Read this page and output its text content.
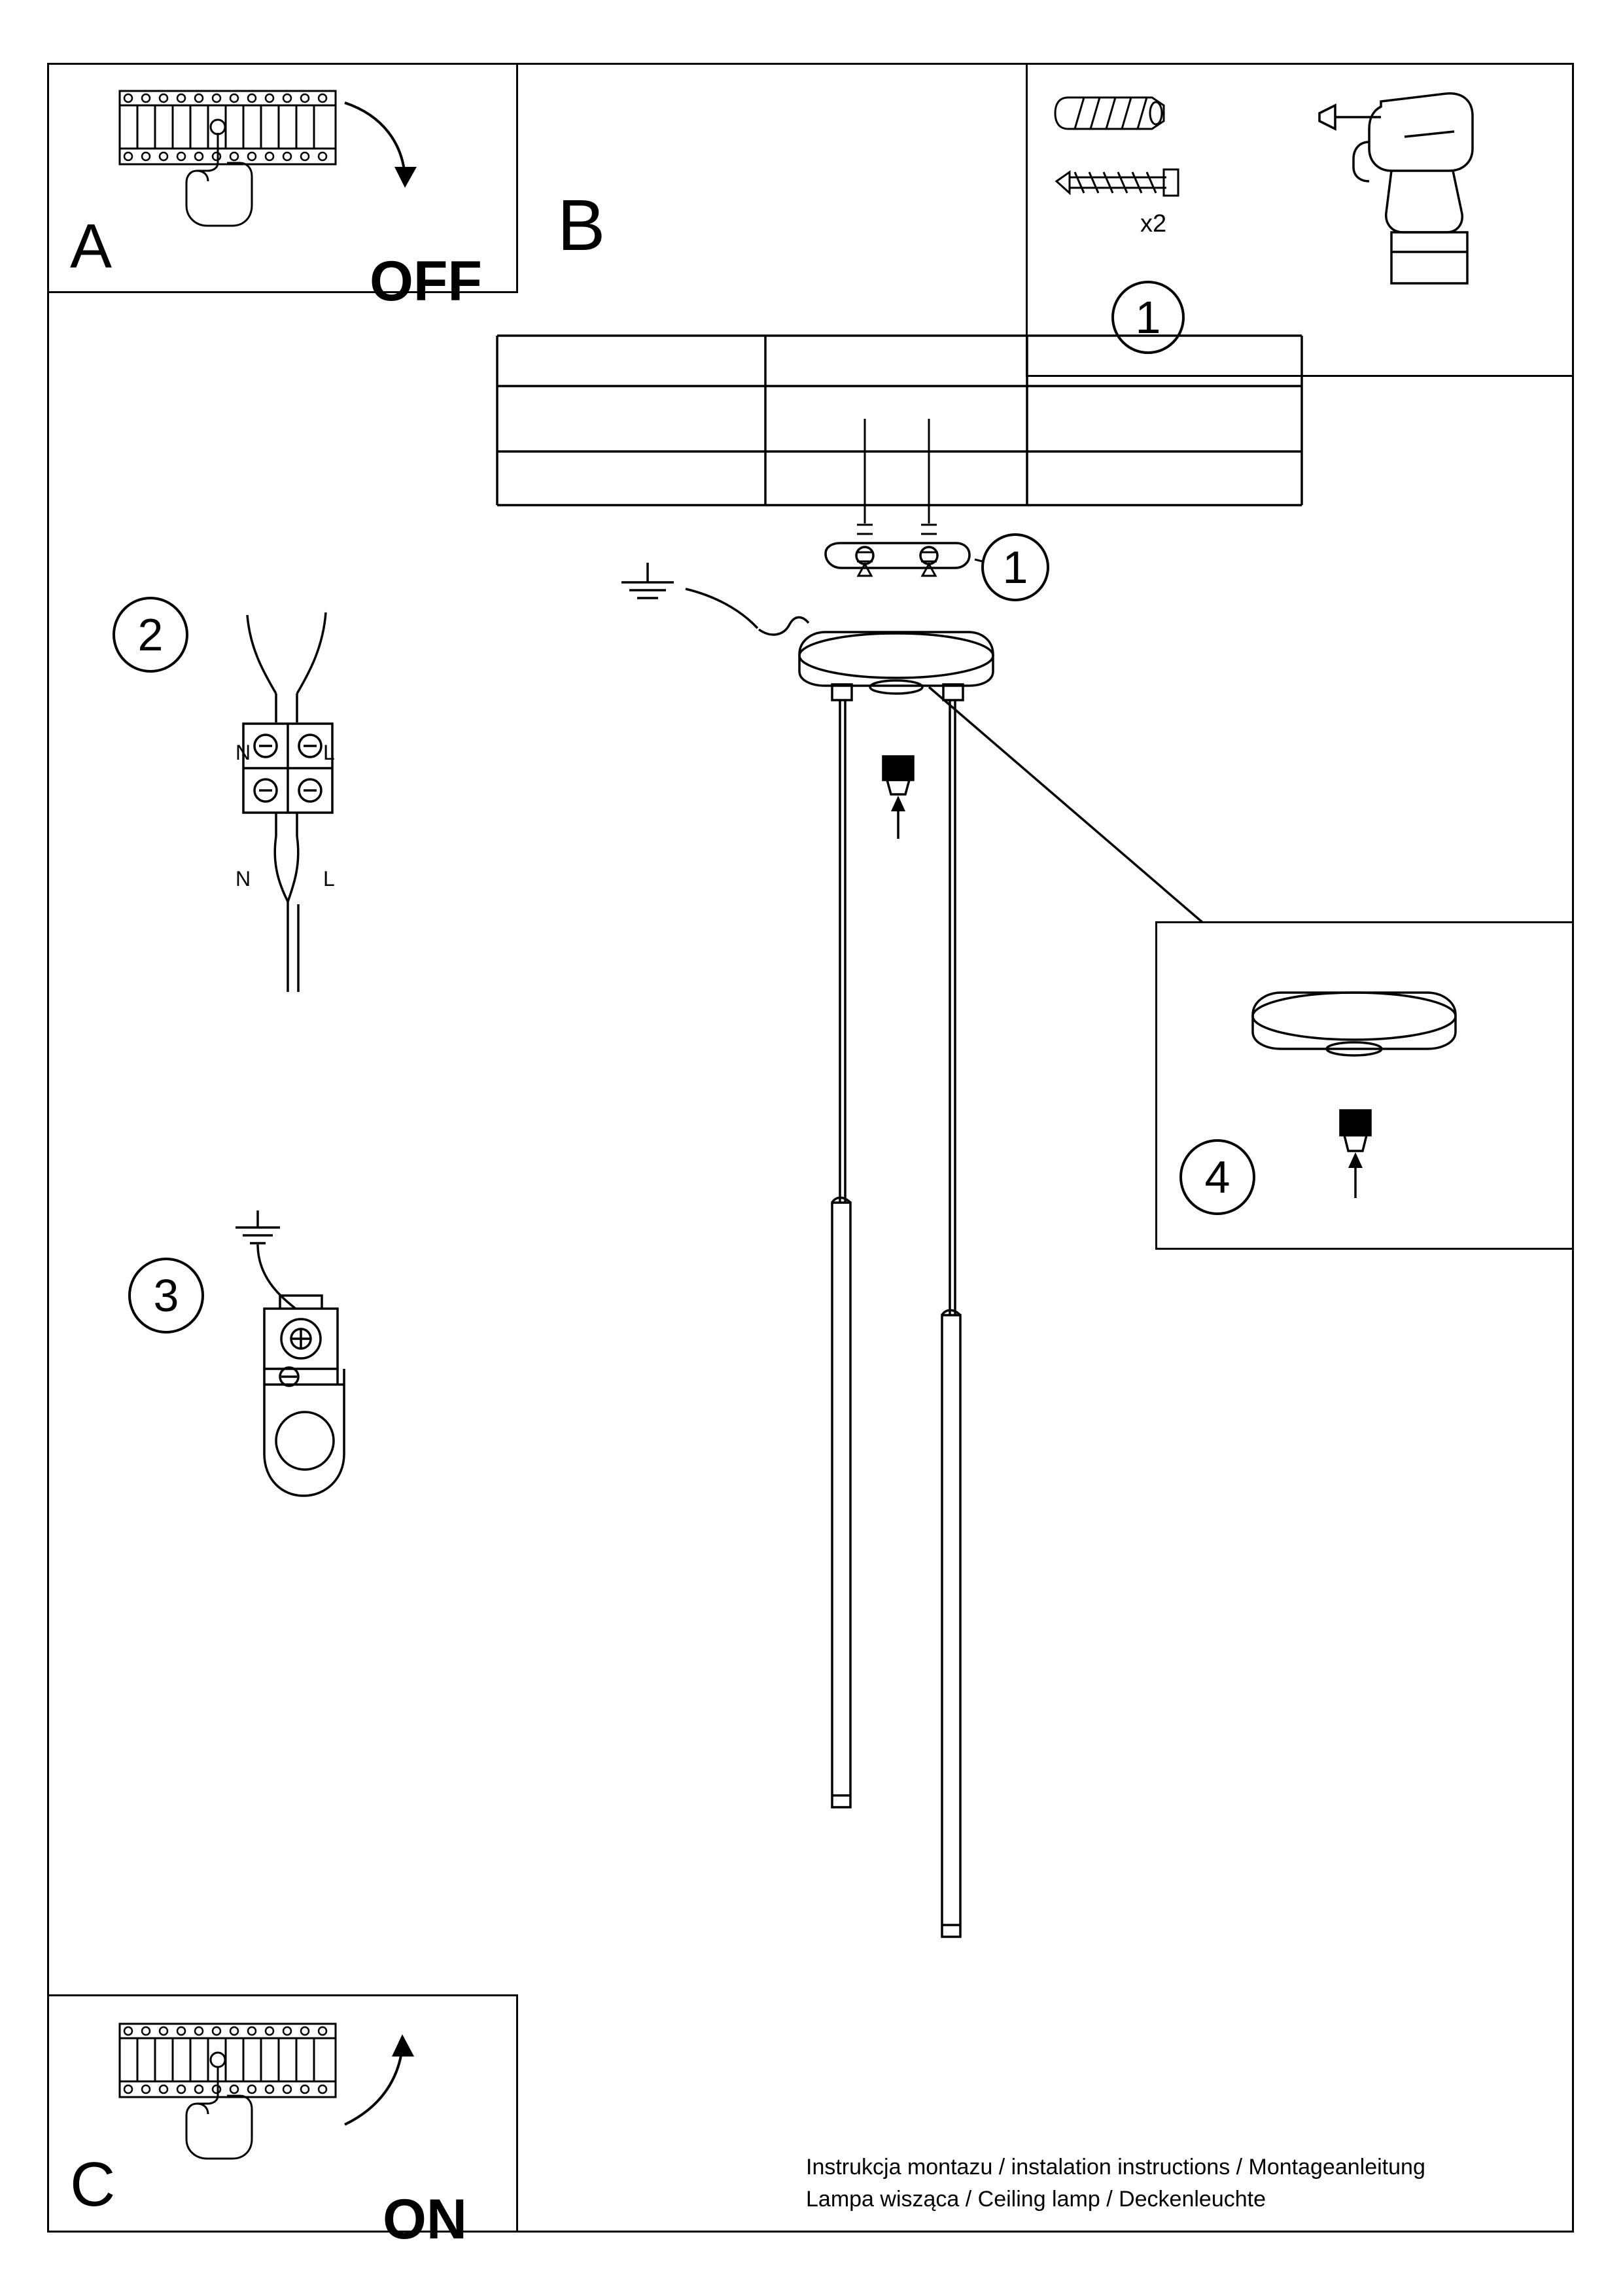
A	OFF
x2
1
B
1
2
N	L
N	L
3
4
C	ON
Instrukcja montazu / instalation instructions / Montageanleitung
Lampa wisząca / Ceiling lamp / Deckenleuchte
